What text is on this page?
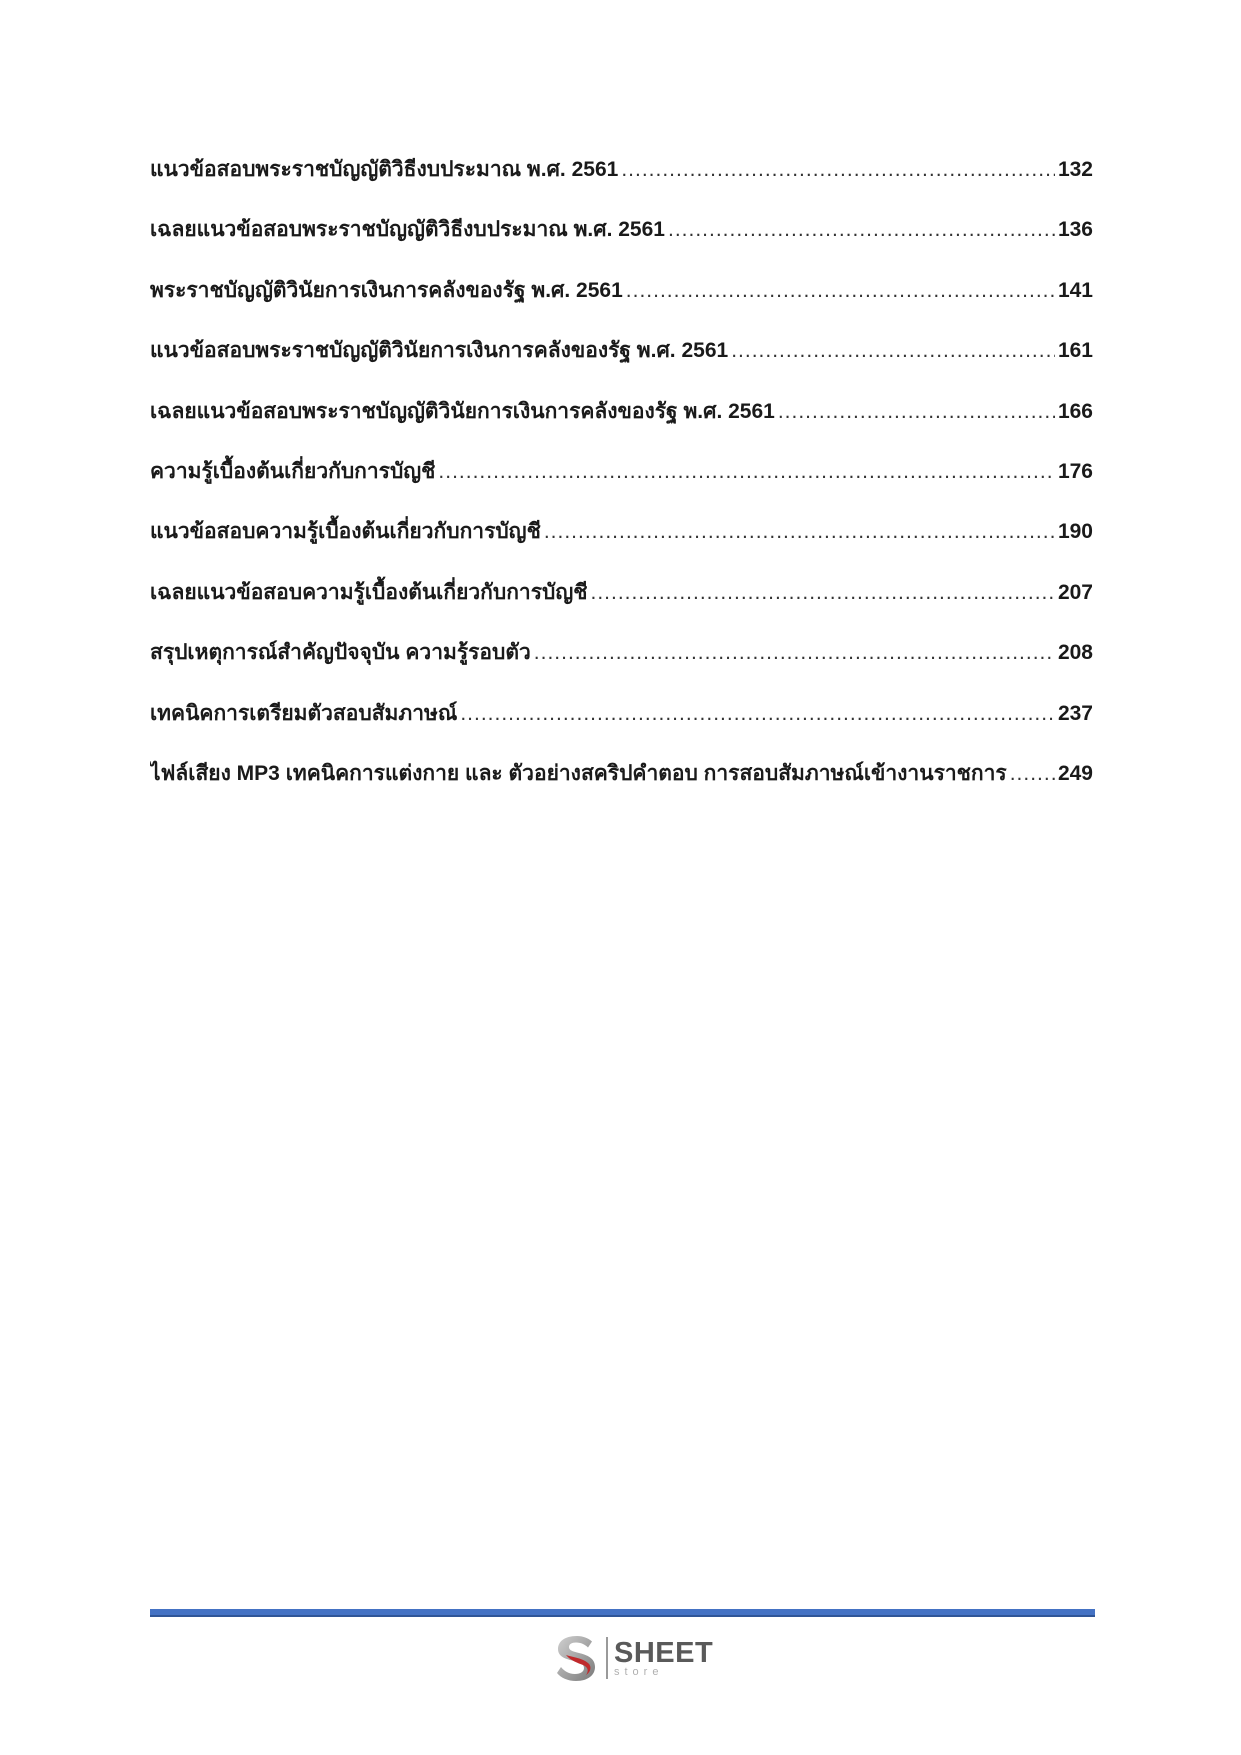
แนวข้อสอบพระราชบัญญัติวิธีงบประมาณ พ.ศ. 2561 .....	132
เฉลยแนวข้อสอบพระราชบัญญัติวิธีงบประมาณ พ.ศ. 2561 .....	136
พระราชบัญญัติวินัยการเงินการคลังของรัฐ พ.ศ. 2561 .....	141
แนวข้อสอบพระราชบัญญัติวินัยการเงินการคลังของรัฐ พ.ศ. 2561 .....	161
เฉลยแนวข้อสอบพระราชบัญญัติวินัยการเงินการคลังของรัฐ พ.ศ. 2561 .....	166
ความรู้เบื้องต้นเกี่ยวกับการบัญชี .....	176
แนวข้อสอบความรู้เบื้องต้นเกี่ยวกับการบัญชี .....	190
เฉลยแนวข้อสอบความรู้เบื้องต้นเกี่ยวกับการบัญชี .....	207
สรุปเหตุการณ์สำคัญปัจจุบัน ความรู้รอบตัว .....	208
เทคนิคการเตรียมตัวสอบสัมภาษณ์ .....	237
ไฟล์เสียง MP3 เทคนิคการแต่งกาย และ ตัวอย่างสคริปคำตอบ การสอบสัมภาษณ์เข้างานราชการ ..... 249
SHEET
store
